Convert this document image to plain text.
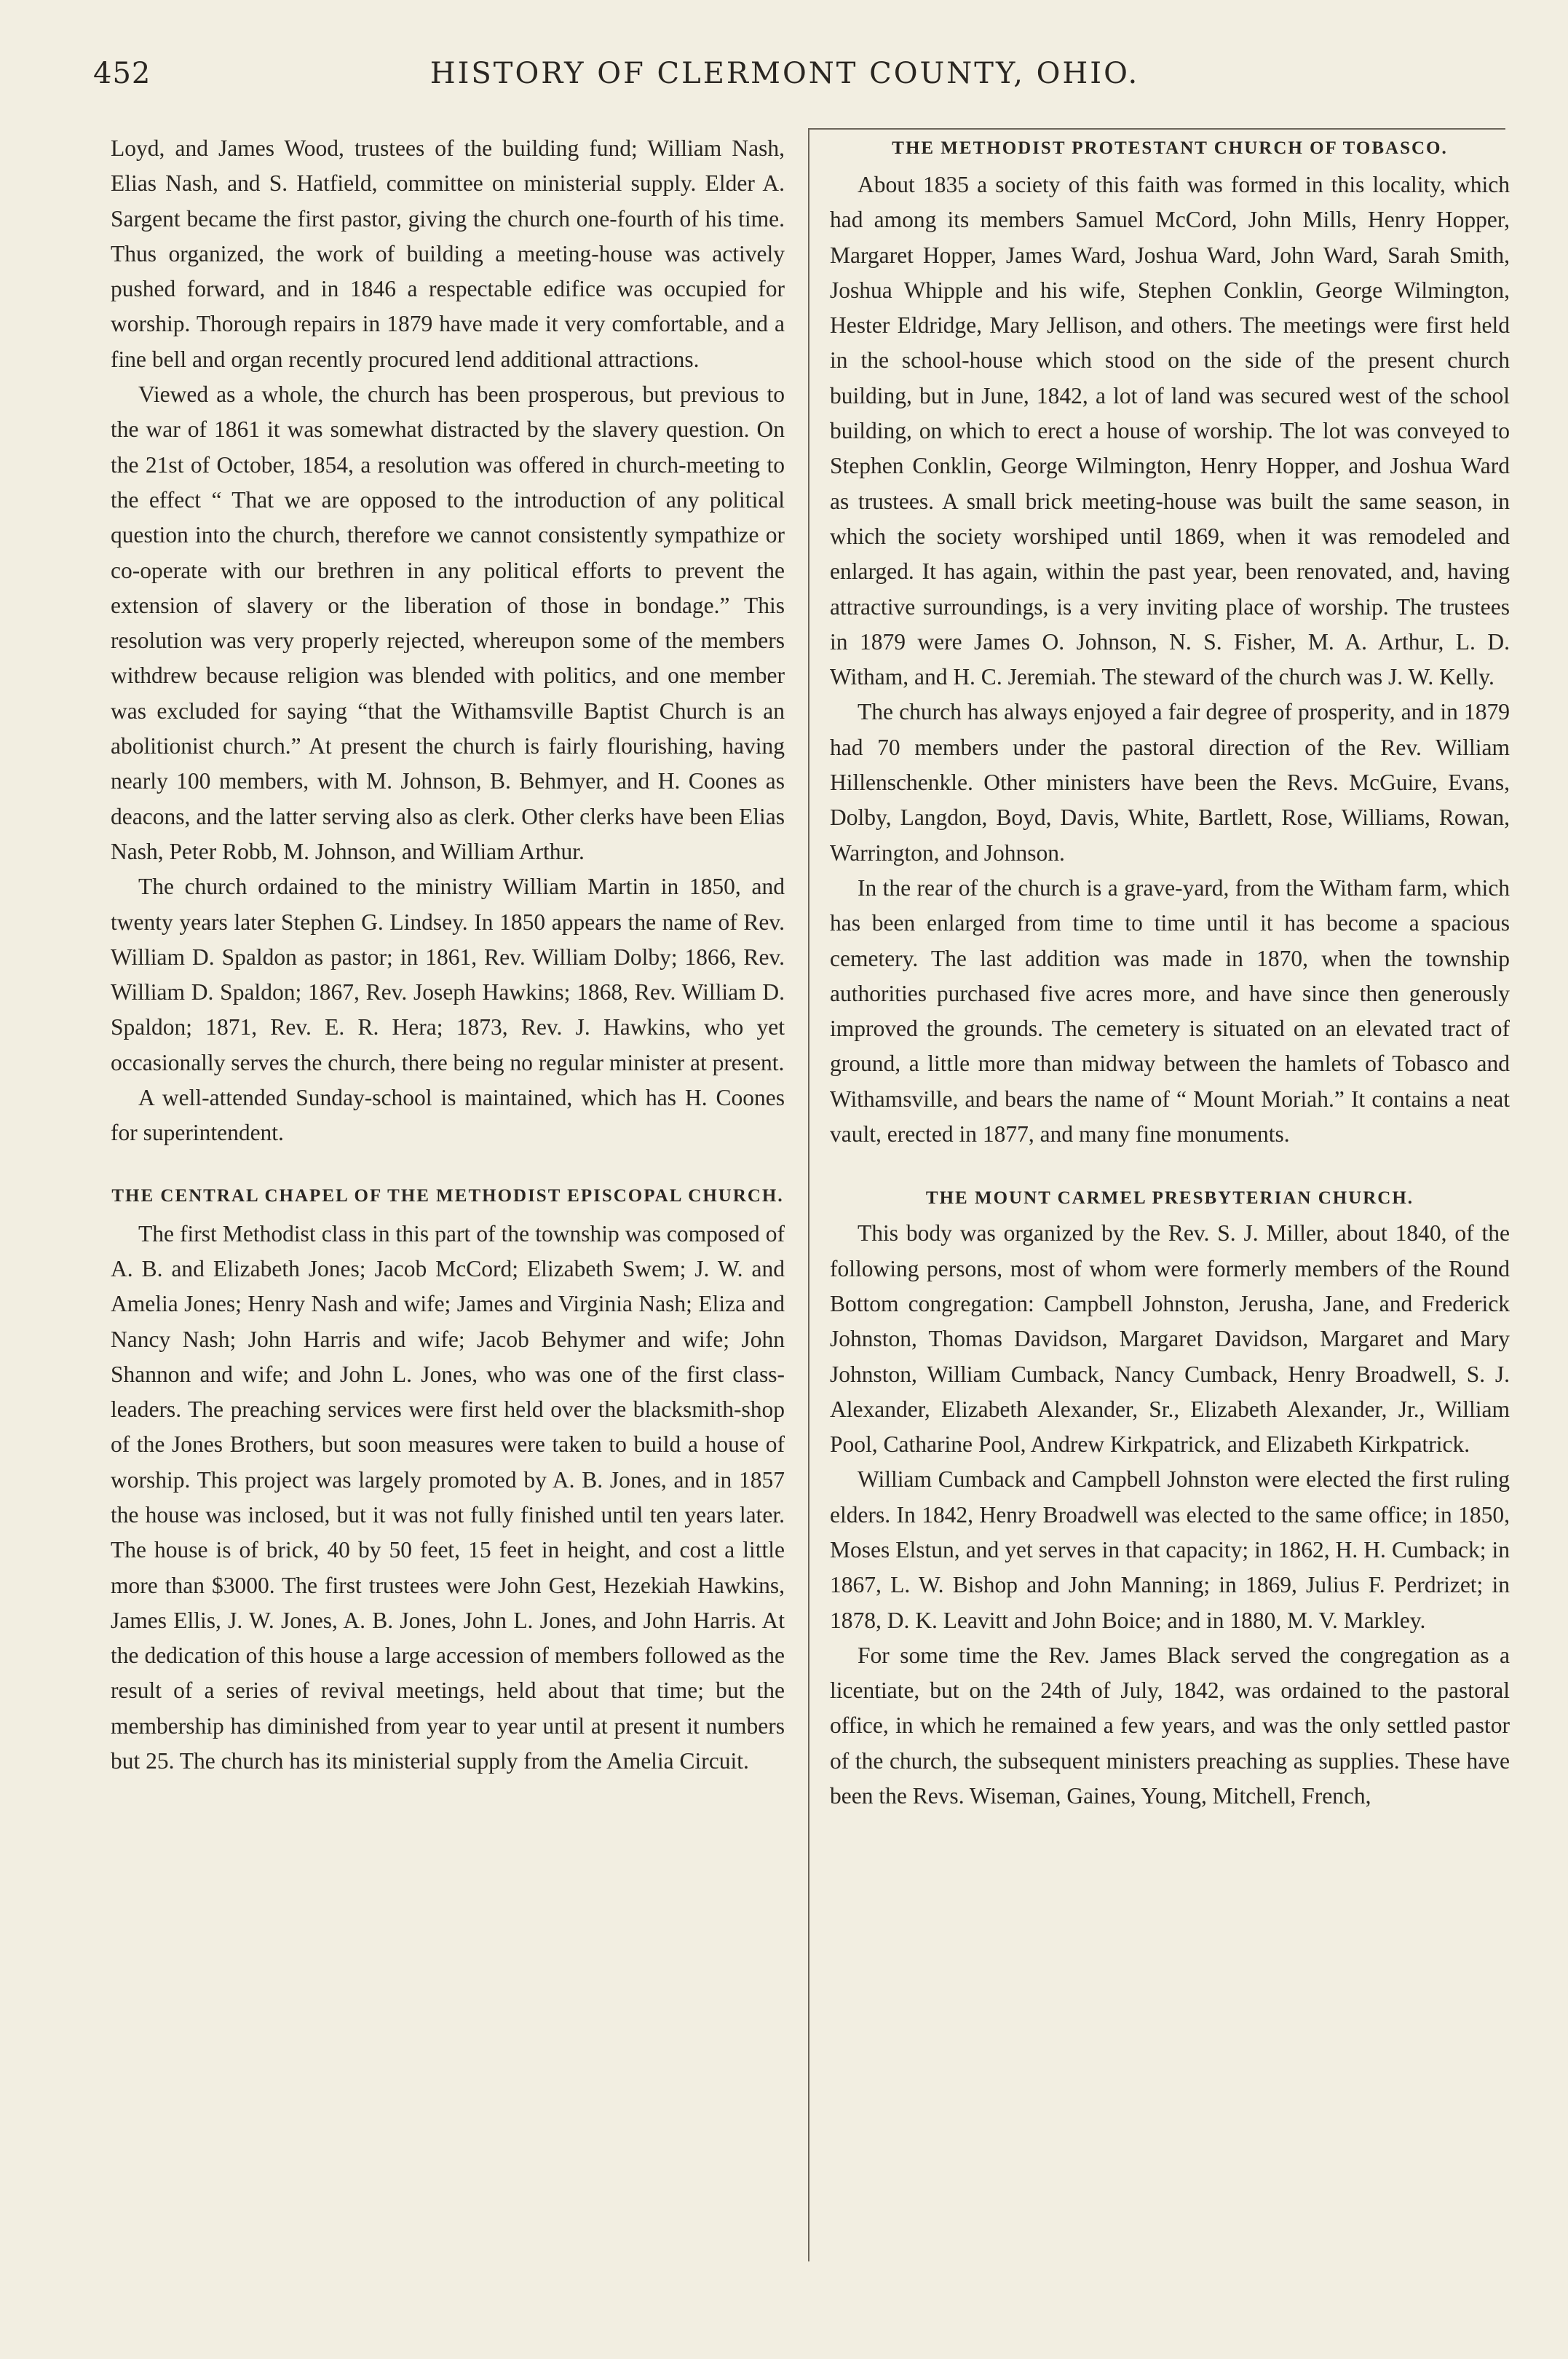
452	HISTORY OF CLERMONT COUNTY, OHIO.

Loyd, and James Wood, trustees of the building fund; William Nash, Elias Nash, and S. Hatfield, committee on ministerial supply. Elder A. Sargent became the first pastor, giving the church one-fourth of his time. Thus organized, the work of building a meeting-house was actively pushed forward, and in 1846 a respectable edifice was occupied for worship. Thorough repairs in 1879 have made it very comfortable, and a fine bell and organ recently procured lend additional attractions.

Viewed as a whole, the church has been prosperous, but previous to the war of 1861 it was somewhat distracted by the slavery question. On the 21st of October, 1854, a resolution was offered in church-meeting to the effect “ That we are opposed to the introduction of any political question into the church, therefore we cannot consistently sympathize or co-operate with our brethren in any political efforts to prevent the extension of slavery or the liberation of those in bondage.” This resolution was very properly rejected, whereupon some of the members withdrew because religion was blended with politics, and one member was excluded for saying “that the Withamsville Baptist Church is an abolitionist church.” At present the church is fairly flourishing, having nearly 100 members, with M. Johnson, B. Behmyer, and H. Coones as deacons, and the latter serving also as clerk. Other clerks have been Elias Nash, Peter Robb, M. Johnson, and William Arthur.

The church ordained to the ministry William Martin in 1850, and twenty years later Stephen G. Lindsey. In 1850 appears the name of Rev. William D. Spaldon as pastor; in 1861, Rev. William Dolby; 1866, Rev. William D. Spaldon; 1867, Rev. Joseph Hawkins; 1868, Rev. William D. Spaldon; 1871, Rev. E. R. Hera; 1873, Rev. J. Hawkins, who yet occasionally serves the church, there being no regular minister at present.

A well-attended Sunday-school is maintained, which has H. Coones for superintendent.

THE CENTRAL CHAPEL OF THE METHODIST EPISCOPAL CHURCH.

The first Methodist class in this part of the township was composed of A. B. and Elizabeth Jones; Jacob McCord; Elizabeth Swem; J. W. and Amelia Jones; Henry Nash and wife; James and Virginia Nash; Eliza and Nancy Nash; John Harris and wife; Jacob Behymer and wife; John Shannon and wife; and John L. Jones, who was one of the first class-leaders. The preaching services were first held over the blacksmith-shop of the Jones Brothers, but soon measures were taken to build a house of worship. This project was largely promoted by A. B. Jones, and in 1857 the house was inclosed, but it was not fully finished until ten years later. The house is of brick, 40 by 50 feet, 15 feet in height, and cost a little more than $3000. The first trustees were John Gest, Hezekiah Hawkins, James Ellis, J. W. Jones, A. B. Jones, John L. Jones, and John Harris. At the dedication of this house a large accession of members followed as the result of a series of revival meetings, held about that time; but the membership has diminished from year to year until at present it numbers but 25. The church has its ministerial supply from the Amelia Circuit.

THE METHODIST PROTESTANT CHURCH OF TOBASCO.

About 1835 a society of this faith was formed in this locality, which had among its members Samuel McCord, John Mills, Henry Hopper, Margaret Hopper, James Ward, Joshua Ward, John Ward, Sarah Smith, Joshua Whipple and his wife, Stephen Conklin, George Wilmington, Hester Eldridge, Mary Jellison, and others. The meetings were first held in the school-house which stood on the side of the present church building, but in June, 1842, a lot of land was secured west of the school building, on which to erect a house of worship. The lot was conveyed to Stephen Conklin, George Wilmington, Henry Hopper, and Joshua Ward as trustees. A small brick meeting-house was built the same season, in which the society worshiped until 1869, when it was remodeled and enlarged. It has again, within the past year, been renovated, and, having attractive surroundings, is a very inviting place of worship. The trustees in 1879 were James O. Johnson, N. S. Fisher, M. A. Arthur, L. D. Witham, and H. C. Jeremiah. The steward of the church was J. W. Kelly.

The church has always enjoyed a fair degree of prosperity, and in 1879 had 70 members under the pastoral direction of the Rev. William Hillenschenkle. Other ministers have been the Revs. McGuire, Evans, Dolby, Langdon, Boyd, Davis, White, Bartlett, Rose, Williams, Rowan, Warrington, and Johnson.

In the rear of the church is a grave-yard, from the Witham farm, which has been enlarged from time to time until it has become a spacious cemetery. The last addition was made in 1870, when the township authorities purchased five acres more, and have since then generously improved the grounds. The cemetery is situated on an elevated tract of ground, a little more than midway between the hamlets of Tobasco and Withamsville, and bears the name of “ Mount Moriah.” It contains a neat vault, erected in 1877, and many fine monuments.

THE MOUNT CARMEL PRESBYTERIAN CHURCH.

This body was organized by the Rev. S. J. Miller, about 1840, of the following persons, most of whom were formerly members of the Round Bottom congregation: Campbell Johnston, Jerusha, Jane, and Frederick Johnston, Thomas Davidson, Margaret Davidson, Margaret and Mary Johnston, William Cumback, Nancy Cumback, Henry Broadwell, S. J. Alexander, Elizabeth Alexander, Sr., Elizabeth Alexander, Jr., William Pool, Catharine Pool, Andrew Kirkpatrick, and Elizabeth Kirkpatrick.

William Cumback and Campbell Johnston were elected the first ruling elders. In 1842, Henry Broadwell was elected to the same office; in 1850, Moses Elstun, and yet serves in that capacity; in 1862, H. H. Cumback; in 1867, L. W. Bishop and John Manning; in 1869, Julius F. Perdrizet; in 1878, D. K. Leavitt and John Boice; and in 1880, M. V. Markley.

For some time the Rev. James Black served the congregation as a licentiate, but on the 24th of July, 1842, was ordained to the pastoral office, in which he remained a few years, and was the only settled pastor of the church, the subsequent ministers preaching as supplies. These have been the Revs. Wiseman, Gaines, Young, Mitchell, French,
